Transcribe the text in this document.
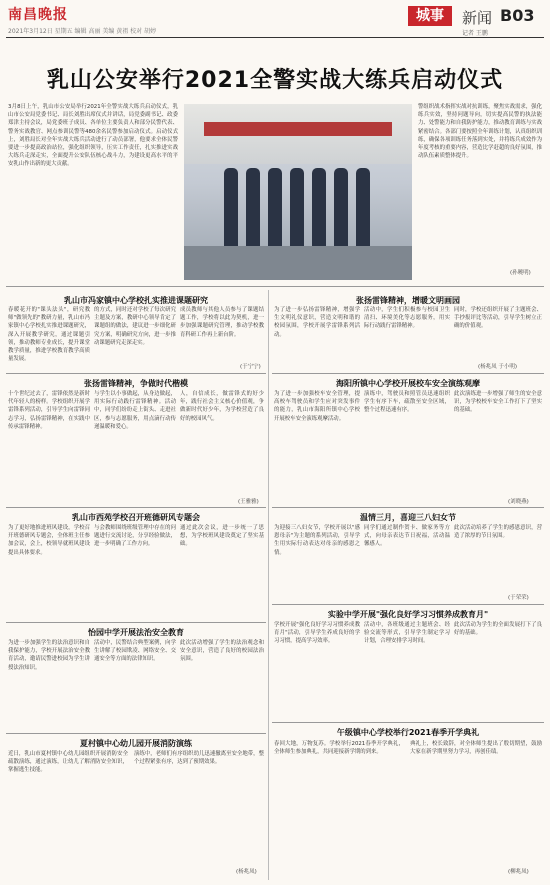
南昌晚报
2021年3月12日 星期五 编辑 高丽 美编 黄祖 校对 胡婷
城事	新闻 B03
记者 王鹏
乳山公安举行2021全警实战大练兵启动仪式
3月8日上午，乳山市公安局举行2021年全警实战大练兵启动仪式，乳山市公安局党委书记、局长刘胜出席仪式并讲话，局党委副书记、政委郑津主持会议，局党委班子成员、各单位主要负责人和部分民警代表、警务实战教官、网点参训民警等480余名民警参加启动仪式。启动仪式上，刘胜局长对全年实战大练兵活动进行了动员部署，他要求全体民警要进一步提高政治站位，强化组织领导，压实工作责任，扎实推进实战大练兵走深走实，全面提升公安队伍核心战斗力，为建设更高水平的平安乳山作出新的更大贡献。
警组织战术指挥实战对抗训练，聚焦实战需求，强化练兵实效，坚持问题导向，切实提高民警的执法能力、处警能力和自我防护能力，推动教育训练与实战紧密结合。各部门要按照全年训练计划，认真组织训练，确保各项训练任务落到实处，并将练兵成效作为年度考核的重要内容，营造比学赶超的良好氛围，推动队伍素质整体提升。
(孙曉明)
乳山市冯家镇中心学校扎实推进课题研究
春暖花开的"课头法头"，研究教师"做领先的"教研力量，乳山市冯家镇中心学校扎实推进课题研究，深入开展教学研究，通过课题引领，推动教师专业成长，提升课堂教学质量，推进学校教育教学高质量发展。
的方式，同时还对学校了每次研究主题及方案，教研中心领导肯定了课题组的做法，建议进一步细化研究方案，明确研究方向，进一步推动课题研究走深走实。
成员教师与其他人员参与了课题结题工作，学校将以此为契机，进一步加强课题研究管理，推动学校教育科研工作再上新台阶。
(于宁宁)
张扬雷锋精神，争做时代楷模
十个世纪过去了，雷锋依然是新时代年轻人的榜样。学校组织开展学雷锋系列活动，引导学生向雷锋同志学习，弘扬雷锋精神，在实践中传承雷锋精神。
与学生以小事做起，从身边做起，用实际行动践行雷锋精神。活动中，同学们纷纷走上街头、走进社区，参与志愿服务，用点滴行动传递温暖和爱心。
人，自信成长，做雷锋式的好少年，践行社会主义核心价值观，争做新时代好少年，为学校营造了良好的校园风气。
(王雅雅)
乳山市西苑学校召开班德研风专题会
为了更好地推进班风建设，学校召开班德研风专题会，全体班主任参加会议，会上，校领导就班风建设提出具体要求。
与会教师围绕班级管理中存在的问题进行交流讨论，分享经验做法，进一步明确了工作方向。
通过此次会议，进一步统一了思想，为学校班风建设奠定了坚实基础。
怡园中学开展法治安全教育
为进一步加强学生的法治意识和自我保护能力，学校开展法治安全教育活动，邀请民警进校园为学生讲授法治知识。
活动中，民警结合典型案例，向学生讲解了校园欺凌、网络安全、交通安全等方面的法律知识。
此次活动增强了学生的法治观念和安全意识，营造了良好的校园法治氛围。
夏村镇中心幼儿园开展消防演练
近日，乳山市夏村镇中心幼儿园组织开展消防安全疏散演练，通过演练，让幼儿了解消防安全知识，掌握逃生技能。
演练中，老师们有序组织幼儿迅速撤离至安全地带，整个过程紧张有序，达到了预期效果。
(杨兆凤)
张扬雷锋精神，增暖文明画园
为了进一步弘扬雷锋精神，增强学生文明礼仪意识，营造文明和谐的校园氛围，学校开展学雷锋系列活动。
活动中，学生们积极参与校园卫生清扫、环境美化等志愿服务，用实际行动践行雷锋精神。
同时，学校还组织开展了主题班会、手抄报评比等活动，引导学生树立正确的价值观。
(杨兆凤 于小明)
海阳所镇中心学校开展校车安全演练观摩
为了进一步加强校车安全管理，提高校车驾驶员和学生应对突发事件的能力，乳山市海阳所镇中心学校开展校车安全演练观摩活动。
演练中，驾驶员和照管员迅速组织学生有序下车，疏散至安全区域，整个过程迅速有序。
此次演练进一步增强了师生的安全意识，为学校校车安全工作打下了坚实的基础。
(刘晓燕)
温情三月，喜迎三八妇女节
为迎接三八妇女节，学校开展以"感恩母亲"为主题的系列活动，引导学生用实际行动表达对母亲的感恩之情。
同学们通过制作贺卡、做家务等方式，向母亲表达节日祝福，活动温馨感人。
此次活动培养了学生的感恩意识，营造了浓厚的节日氛围。
(于荣荣)
实验中学开展"强化良好学习习惯养成教育月"
学校开展"强化良好学习习惯养成教育月"活动，引导学生养成良好的学习习惯，提高学习效率。
活动中，各班级通过主题班会、经验交流等形式，引导学生制定学习计划，合理安排学习时间。
此次活动为学生的全面发展打下了良好的基础。
午级镇中心学校举行2021春季开学典礼
春回大地，万物复苏。学校举行2021春季开学典礼，全体师生参加典礼，共同迎接新学期的到来。
典礼上，校长致辞，对全体师生提出了殷切期望，鼓励大家在新学期里努力学习，再创佳绩。
(柳兆凤)
